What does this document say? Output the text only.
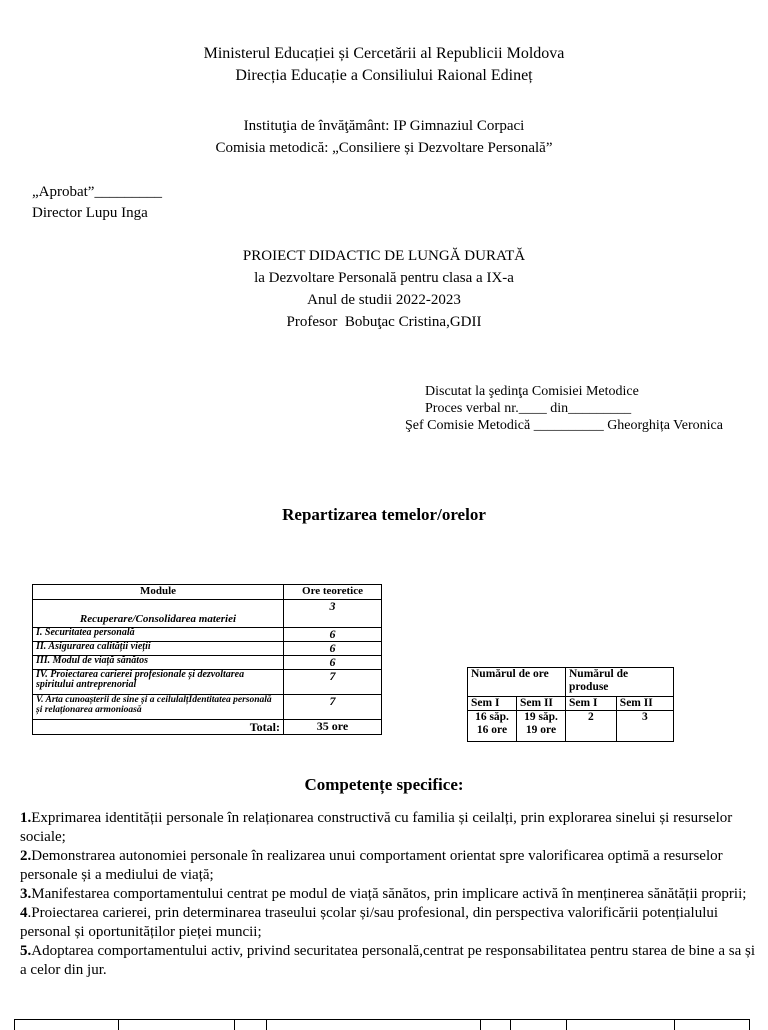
Ministerul Educației și Cercetării al Republicii Moldova
Direcția Educație a Consiliului Raional Edineț
Instituţia de învăţământ: IP Gimnaziul Corpaci
Comisia metodică: „Consiliere și Dezvoltare Personală”
„Aprobat”_________
Director Lupu Inga
PROIECT DIDACTIC DE LUNGĂ DURATĂ
la Dezvoltare Personală pentru clasa a IX-a
Anul de studii 2022-2023
Profesor  Bobuţac Cristina,GDII
Discutat la şedinţa Comisiei Metodice
Proces verbal nr.____ din_________
Şef Comisie Metodică __________ Gheorghița Veronica
Repartizarea temelor/orelor
Module	Ore teoretice
Recuperare/Consolidarea materiei	3
I. Securitatea personală	6
II. Asigurarea calității vieții	6
III. Modul de viață sănătos	6
IV. Proiectarea carierei profesionale și dezvoltarea spiritului antreprenorial	7
V. Arta cunoașterii de sine și a ceilulalțIdentitatea personală și relaționarea armonioasă	7
Total:	35 ore
Numărul de ore		Numărul de produse	
Sem I	Sem II	Sem I	Sem II
16 săp. 16 ore	19 săp. 19 ore	2	3
Competențe specifice:

1.Exprimarea identității personale în relaționarea constructivă cu familia și ceilalți, prin explorarea sinelui și resurselor sociale;

2.Demonstrarea autonomiei personale în realizarea unui comportament orientat spre valorificarea optimă a resurselor personale și a mediului de viață;

3.Manifestarea comportamentului centrat pe modul de viață sănătos, prin implicare activă în menținerea sănătății proprii;

4.Proiectarea carierei, prin determinarea traseului școlar și/sau profesional, din perspectiva valorificării potențialului personal și oportunităților pieței muncii;

5.Adoptarea comportamentului activ, privind securitatea personală,centrat pe responsabilitatea pentru starea de bine a sa și a celor din jur.
